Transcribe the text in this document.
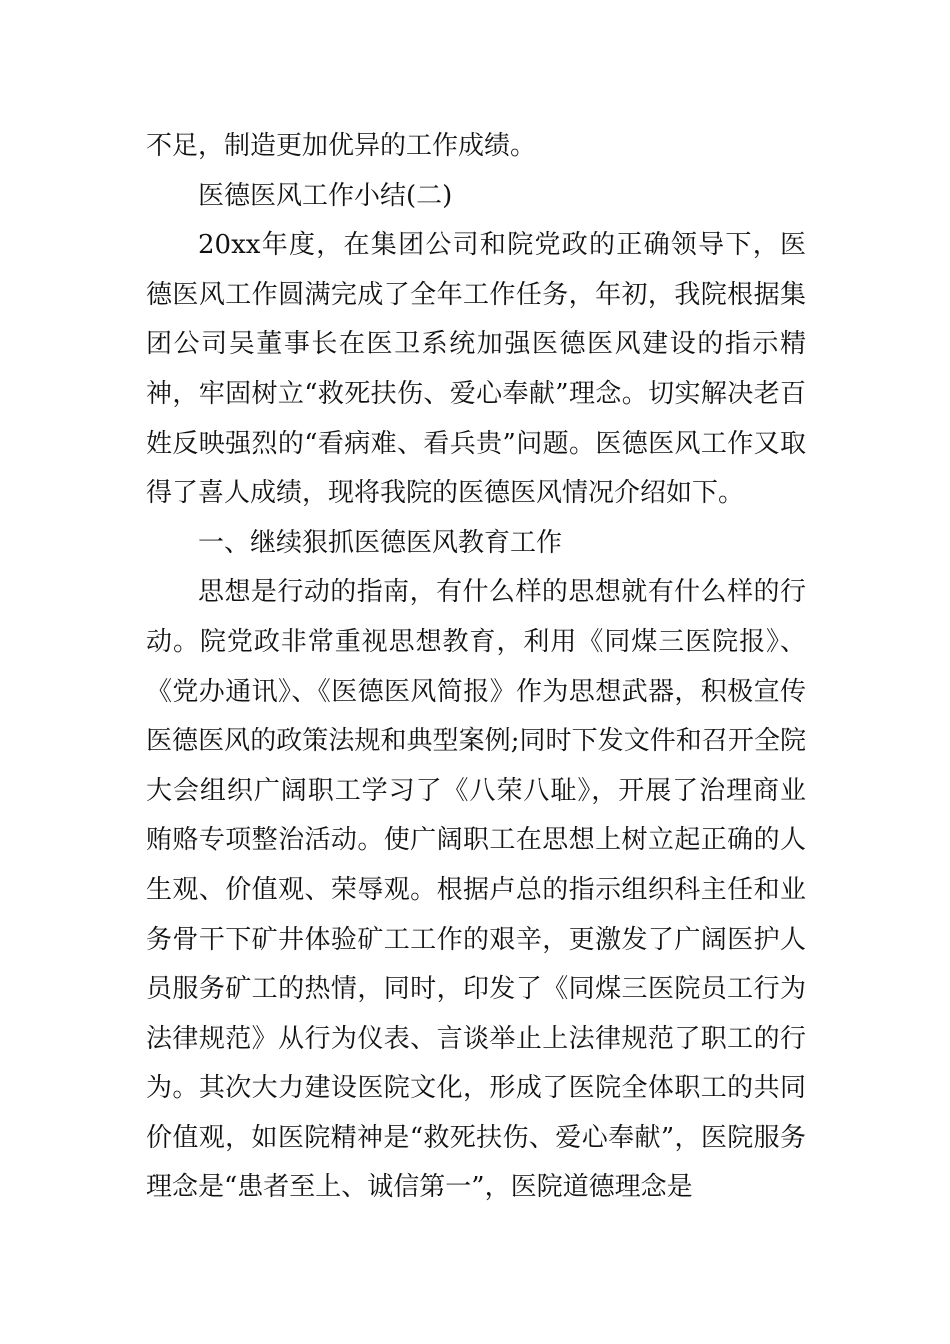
不足，制造更加优异的工作成绩。

医德医风工作小结(二)

20xx年度，在集团公司和院党政的正确领导下，医德医风工作圆满完成了全年工作任务，年初，我院根据集团公司吴董事长在医卫系统加强医德医风建设的指示精神，牢固树立“救死扶伤、爱心奉献”理念。切实解决老百姓反映强烈的“看病难、看兵贵”问题。医德医风工作又取得了喜人成绩，现将我院的医德医风情况介绍如下。

一、继续狠抓医德医风教育工作

思想是行动的指南，有什么样的思想就有什么样的行动。院党政非常重视思想教育，利用《同煤三医院报》、《党办通讯》、《医德医风简报》作为思想武器，积极宣传医德医风的政策法规和典型案例;同时下发文件和召开全院大会组织广阔职工学习了《八荣八耻》，开展了治理商业贿赂专项整治活动。使广阔职工在思想上树立起正确的人生观、价值观、荣辱观。根据卢总的指示组织科主任和业务骨干下矿井体验矿工工作的艰辛，更激发了广阔医护人员服务矿工的热情，同时，印发了《同煤三医院员工行为法律规范》从行为仪表、言谈举止上法律规范了职工的行为。其次大力建设医院文化，形成了医院全体职工的共同价值观，如医院精神是“救死扶伤、爱心奉献”，医院服务理念是“患者至上、诚信第一”，医院道德理念是
